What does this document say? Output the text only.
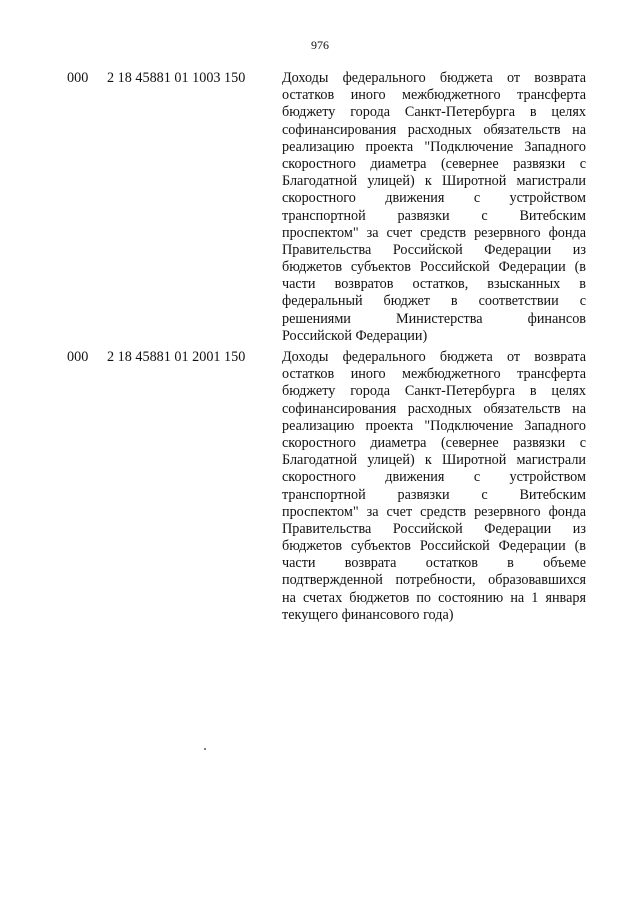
976
000 2 18 45881 01 1003 150	Доходы федерального бюджета от возврата
остатков иного межбюджетного трансферта
бюджету города Санкт-Петербурга в целях
софинансирования расходных обязательств на
реализацию проекта "Подключение Западного
скоростного диаметра (севернее развязки с
Благодатной улицей) к Широтной магистрали
скоростного движения с устройством
транспортной развязки с Витебским
проспектом" за счет средств резервного фонда
Правительства Российской Федерации из
бюджетов субъектов Российской Федерации (в
части возвратов остатков, взысканных в
федеральный бюджет в соответствии с
решениями Министерства финансов
Российской Федерации)
000 2 18 45881 01 2001 150	Доходы федерального бюджета от возврата
остатков иного межбюджетного трансферта
бюджету города Санкт-Петербурга в целях
софинансирования расходных обязательств на
реализацию проекта "Подключение Западного
скоростного диаметра (севернее развязки с
Благодатной улицей) к Широтной магистрали
скоростного движения с устройством
транспортной развязки с Витебским
проспектом" за счет средств резервного фонда
Правительства Российской Федерации из
бюджетов субъектов Российской Федерации (в
части возврата остатков в объеме
подтвержденной потребности, образовавшихся
на счетах бюджетов по состоянию на 1 января
текущего финансового года)
